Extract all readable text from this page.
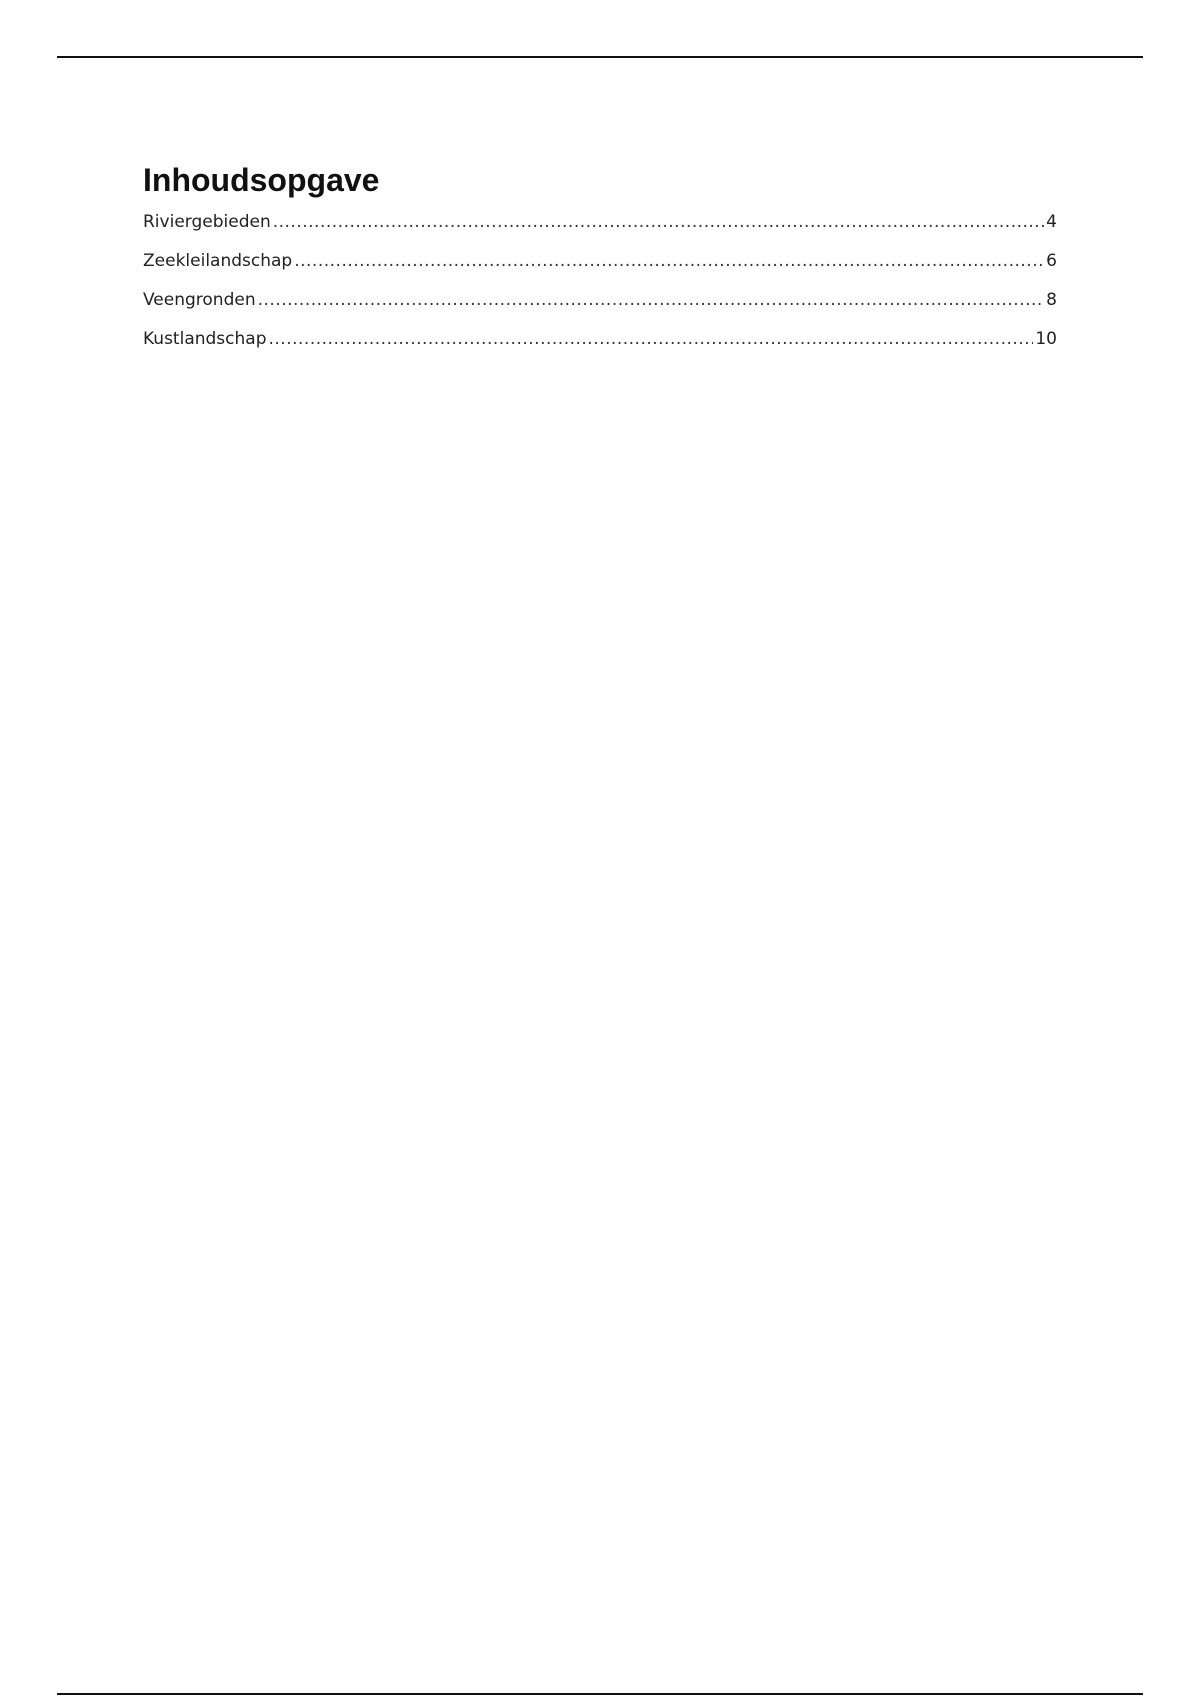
Inhoudsopgave
Riviergebieden .....	4
Zeekleilandschap .....	6
Veengronden .....	8
Kustlandschap .....	10
